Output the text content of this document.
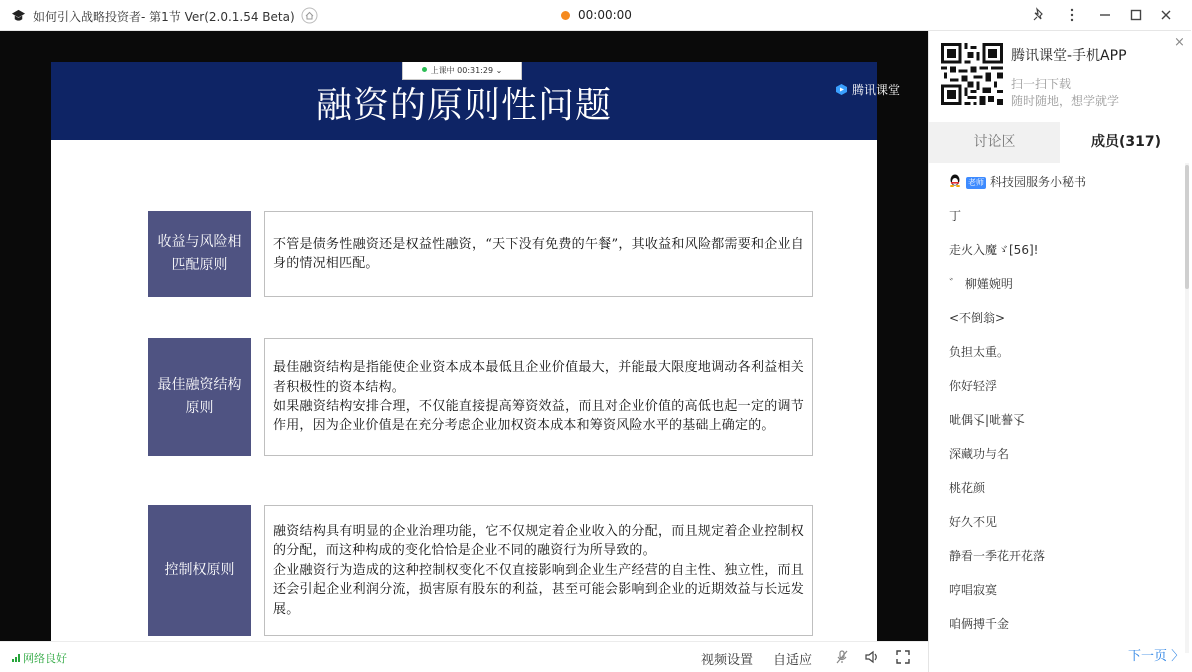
如何引入战略投资者- 第1节 Ver(2.0.1.54 Beta)	00:00:00
融资的原则性问题	腾讯课堂
收益与风险相匹配原则
不管是债务性融资还是权益性融资，“天下没有免费的午餐”，其收益和风险都需要和企业自身的情况相匹配。
最佳融资结构原则
最佳融资结构是指能使企业资本成本最低且企业价值最大，并能最大限度地调动各利益相关者积极性的资本结构。
如果融资结构安排合理，不仅能直接提高筹资效益，而且对企业价值的高低也起一定的调节作用，因为企业价值是在充分考虑企业加权资本成本和筹资风险水平的基础上确定的。
控制权原则
融资结构具有明显的企业治理功能，它不仅规定着企业收入的分配，而且规定着企业控制权的分配，而这种构成的变化恰恰是企业不同的融资行为所导致的。
企业融资行为造成的这种控制权变化不仅直接影响到企业生产经营的自主性、独立性，而且还会引起企业利润分流，损害原有股东的利益，甚至可能会影响到企业的近期效益与长远发展。
上课中 00:31:29 ⌄
网络良好	视频设置 自适应
腾讯课堂-手机APP
扫一扫下载
随时随地，想学就学
×
讨论区	成员(317)
老师 科技园服务小秘书
丁
走火入魔ゞ[56]!
゛ 柳嫤婉明
<不倒翁>
负担太重。
你好轻浮
呲偶孓|呲謩孓
深藏功与名
桃花颜
好久不见
静看一季花开花落
哼唱寂寞
咱俩搏千金
下一页 〉
